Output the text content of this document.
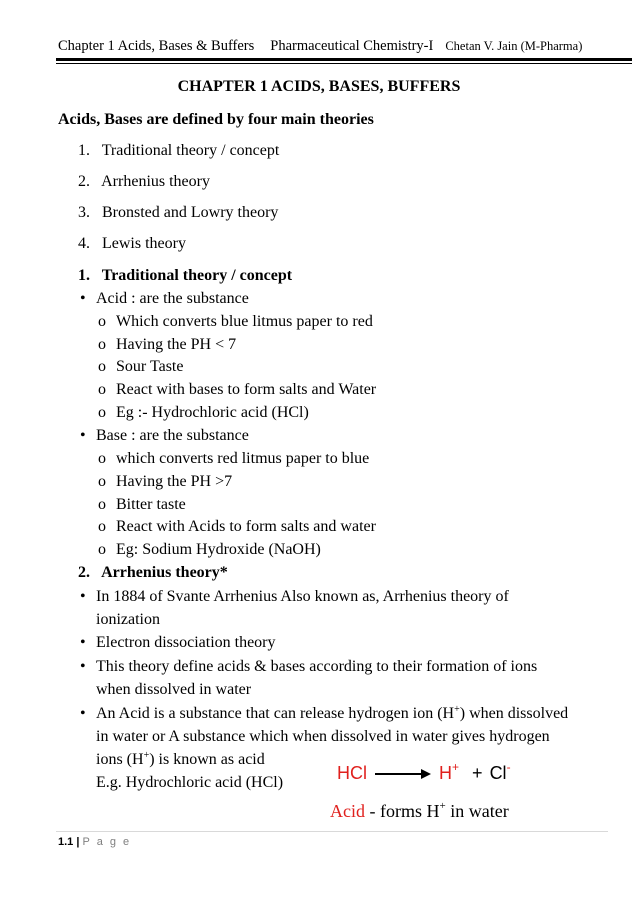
Chapter 1 Acids, Bases & Buffers Pharmaceutical Chemistry-I Chetan V. Jain (M-Pharma)
CHAPTER 1 ACIDS, BASES, BUFFERS
Acids, Bases are defined by four main theories
1. Traditional theory / concept
2. Arrhenius theory
3. Bronsted and Lowry theory
4. Lewis theory
1. Traditional theory / concept
• Acid : are the substance
o Which converts blue litmus paper to red
o Having the PH < 7
o Sour Taste
o React with bases to form salts and Water
o Eg :- Hydrochloric acid (HCl)
• Base : are the substance
o which converts red litmus paper to blue
o Having the PH >7
o Bitter taste
o React with Acids to form salts and water
o Eg: Sodium Hydroxide (NaOH)
2. Arrhenius theory*
• In 1884 of Svante Arrhenius Also known as, Arrhenius theory of
ionization
• Electron dissociation theory
• This theory define acids & bases according to their formation of ions
when dissolved in water
• An Acid is a substance that can release hydrogen ion (H+) when dissolved
in water or A substance which when dissolved in water gives hydrogen
ions (H+) is known as acid
E.g. Hydrochloric acid (HCl)	HCl → H+ + Cl-
Acid - forms H+ in water
1.1 | P a g e
